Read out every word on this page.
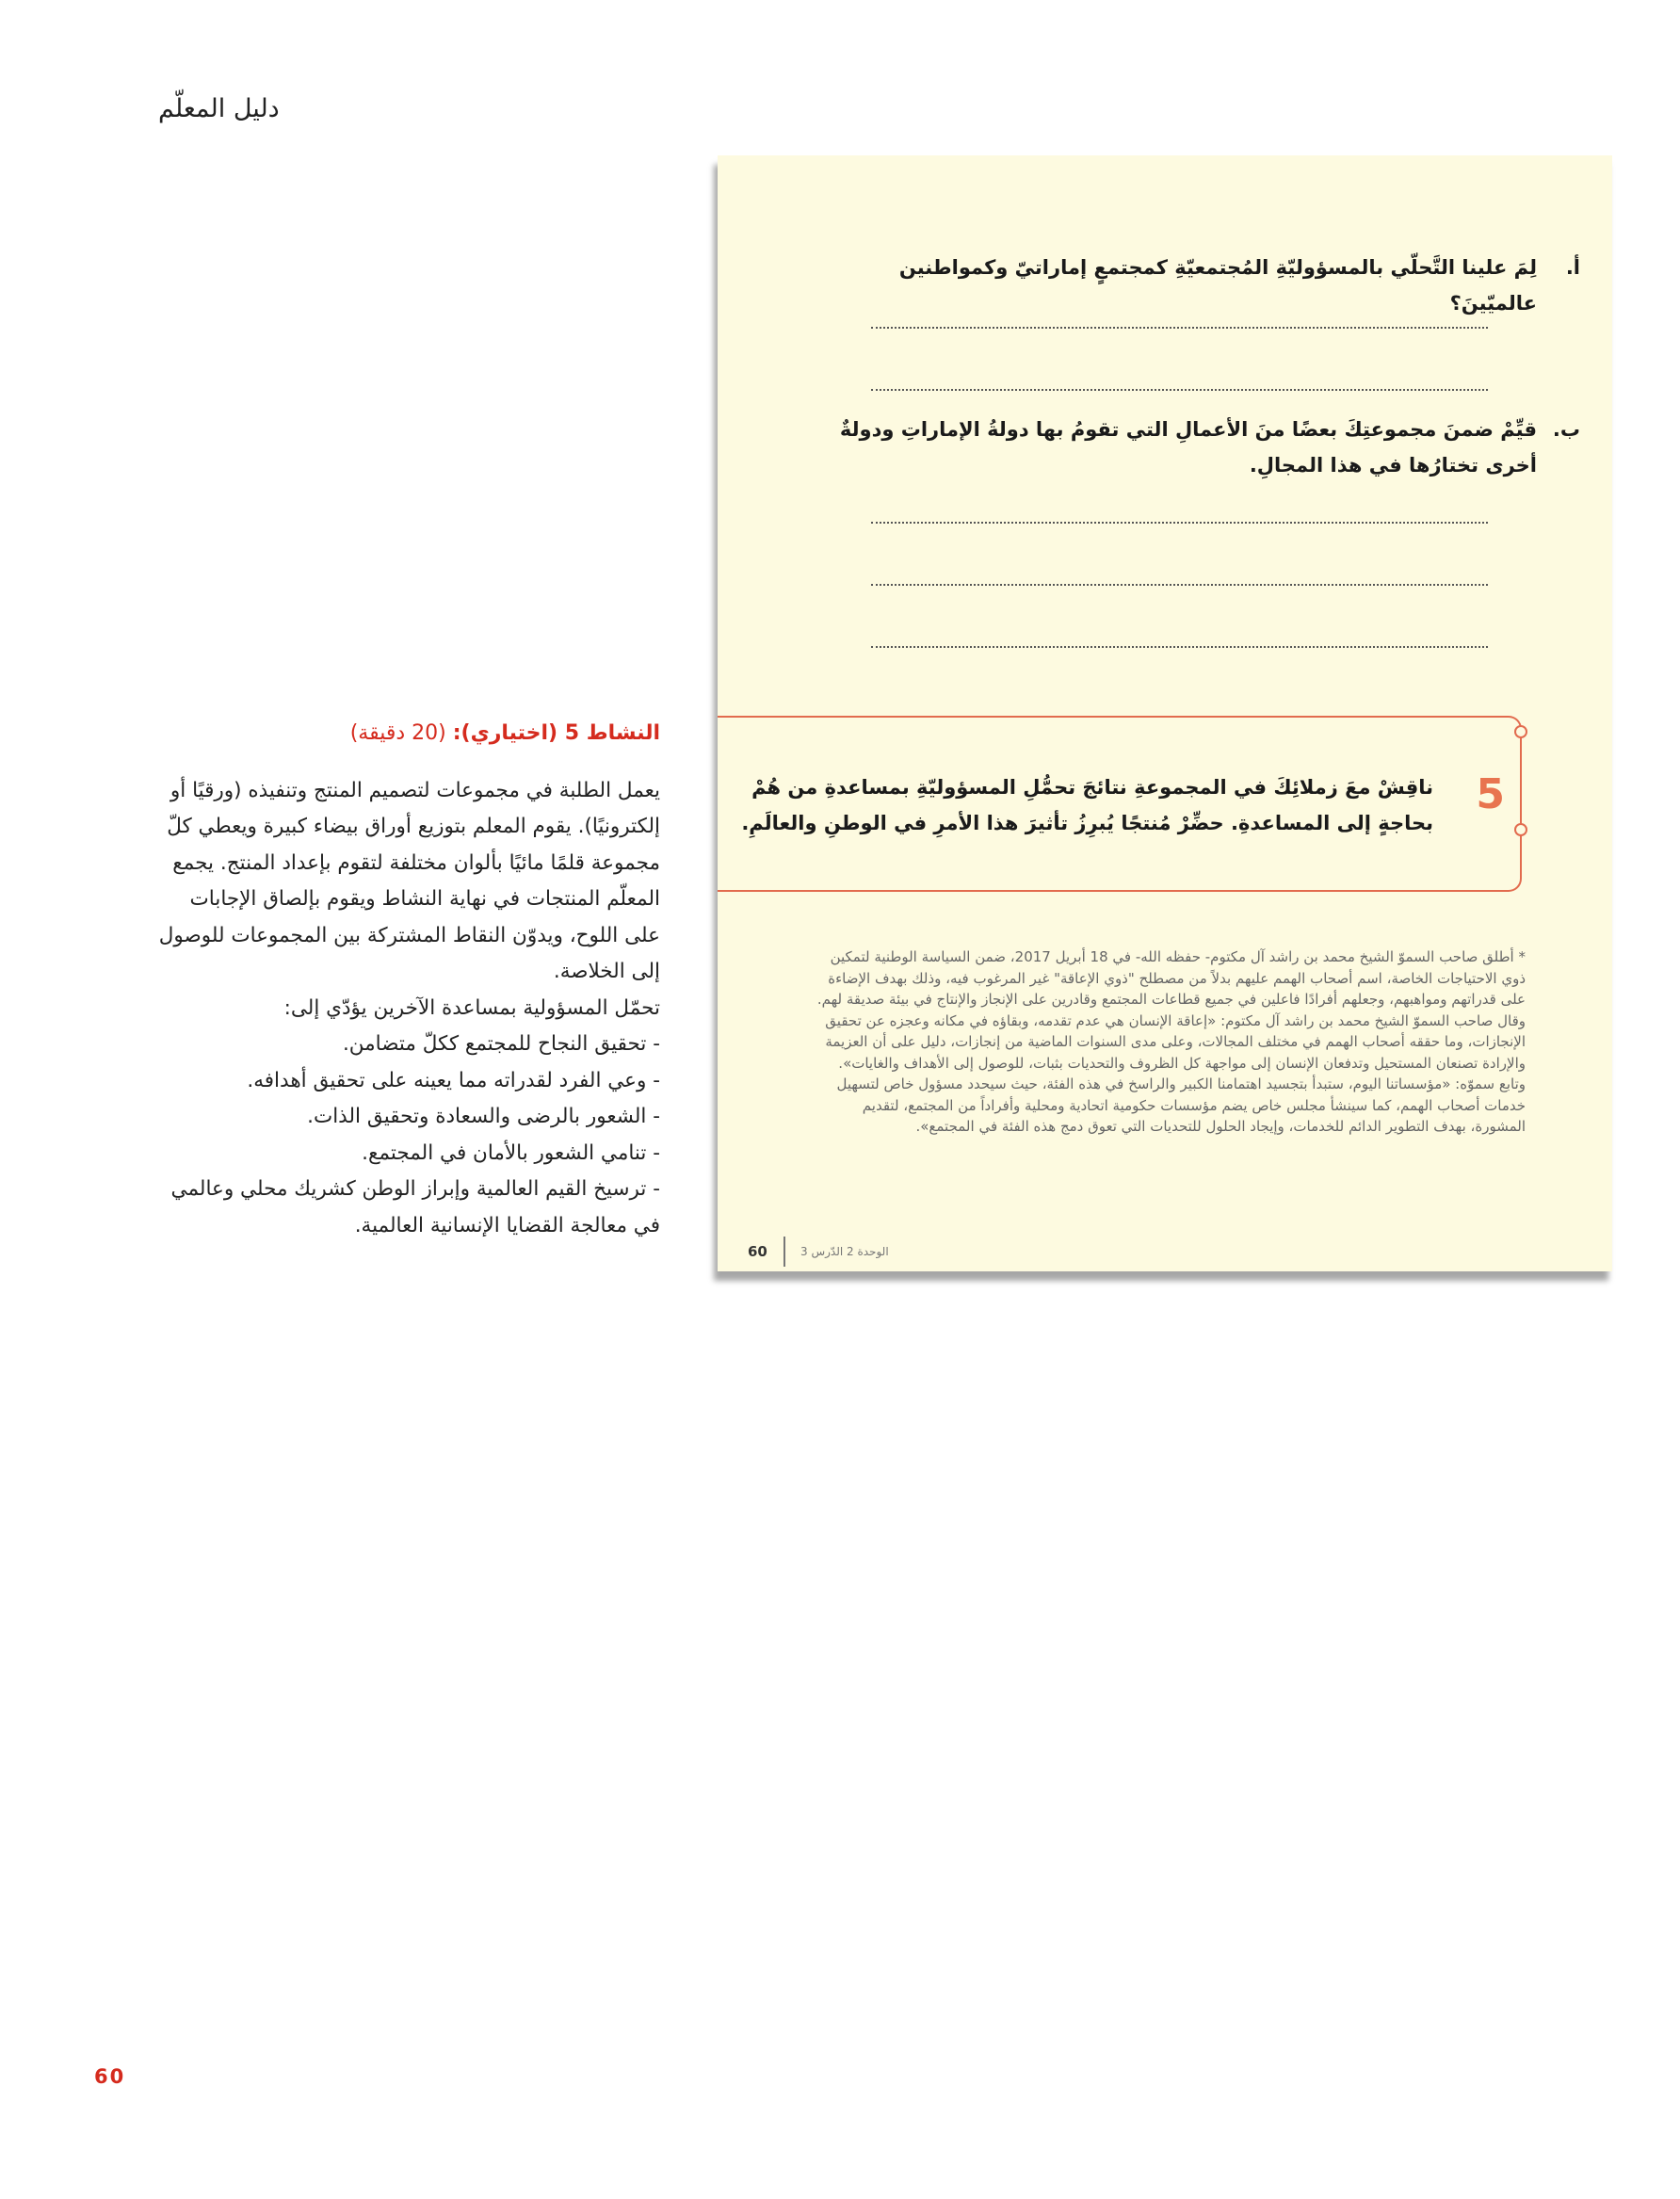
دليل المعلّم
أ.
لِمَ علينا التَّحلّي بالمسؤوليّةِ المُجتمعيّةِ كمجتمعٍ إماراتيّ وكمواطنين عالميّينَ؟
ب.
قيِّمْ ضمنَ مجموعتِكَ بعضًا منَ الأعمالِ التي تقومُ بها دولةُ الإماراتِ ودولةٌ أخرى تختارُها في هذا المجالِ.
5
ناقِشْ معَ زملائِكَ في المجموعةِ نتائجَ تحمُّلِ المسؤوليّةِ بمساعدةِ من هُمْ بحاجةٍ إلى المساعدةِ. حضِّرْ مُنتجًا يُبرِزُ تأثيرَ هذا الأمرِ في الوطنِ والعالَمِ.
* أطلق صاحب السموّ الشيخ محمد بن راشد آل مكتوم- حفظه الله- في 18 أبريل 2017، ضمن السياسة الوطنية لتمكين ذوي الاحتياجات الخاصة، اسم أصحاب الهمم عليهم بدلاً من مصطلح "ذوي الإعاقة" غير المرغوب فيه، وذلك بهدف الإضاءة على قدراتهم ومواهبهم، وجعلهم أفرادًا فاعلين في جميع قطاعات المجتمع وقادرين على الإنجاز والإنتاج في بيئة صديقة لهم. وقال صاحب السموّ الشيخ محمد بن راشد آل مكتوم: «إعاقة الإنسان هي عدم تقدمه، وبقاؤه في مكانه وعجزه عن تحقيق الإنجازات، وما حققه أصحاب الهمم في مختلف المجالات، وعلى مدى السنوات الماضية من إنجازات، دليل على أن العزيمة والإرادة تصنعان المستحيل وتدفعان الإنسان إلى مواجهة كل الظروف والتحديات بثبات، للوصول إلى الأهداف والغايات». وتابع سموّه: «مؤسساتنا اليوم، ستبدأ بتجسيد اهتمامنا الكبير والراسخ في هذه الفئة، حيث سيحدد مسؤول خاص لتسهيل خدمات أصحاب الهمم، كما سينشأ مجلس خاص يضم مؤسسات حكومية اتحادية ومحلية وأفراداً من المجتمع، لتقديم المشورة، بهدف التطوير الدائم للخدمات، وإيجاد الحلول للتحديات التي تعوق دمج هذه الفئة في المجتمع».
60	الوحدة 2 الدّرس 3
النشاط 5 (اختياري): (20 دقيقة)

يعمل الطلبة في مجموعات لتصميم المنتج وتنفيذه (ورقيًا أو إلكترونيًا). يقوم المعلم بتوزيع أوراق بيضاء كبيرة ويعطي كلّ مجموعة قلمًا مائيًا بألوان مختلفة لتقوم بإعداد المنتج. يجمع المعلّم المنتجات في نهاية النشاط ويقوم بإلصاق الإجابات على اللوح، ويدوّن النقاط المشتركة بين المجموعات للوصول إلى الخلاصة.

تحمّل المسؤولية بمساعدة الآخرين يؤدّي إلى:

- تحقيق النجاح للمجتمع ككلّ متضامن.
- وعي الفرد لقدراته مما يعينه على تحقيق أهدافه.
- الشعور بالرضى والسعادة وتحقيق الذات.
- تنامي الشعور بالأمان في المجتمع.
- ترسيخ القيم العالمية وإبراز الوطن كشريك محلي وعالمي في معالجة القضايا الإنسانية العالمية.
60
